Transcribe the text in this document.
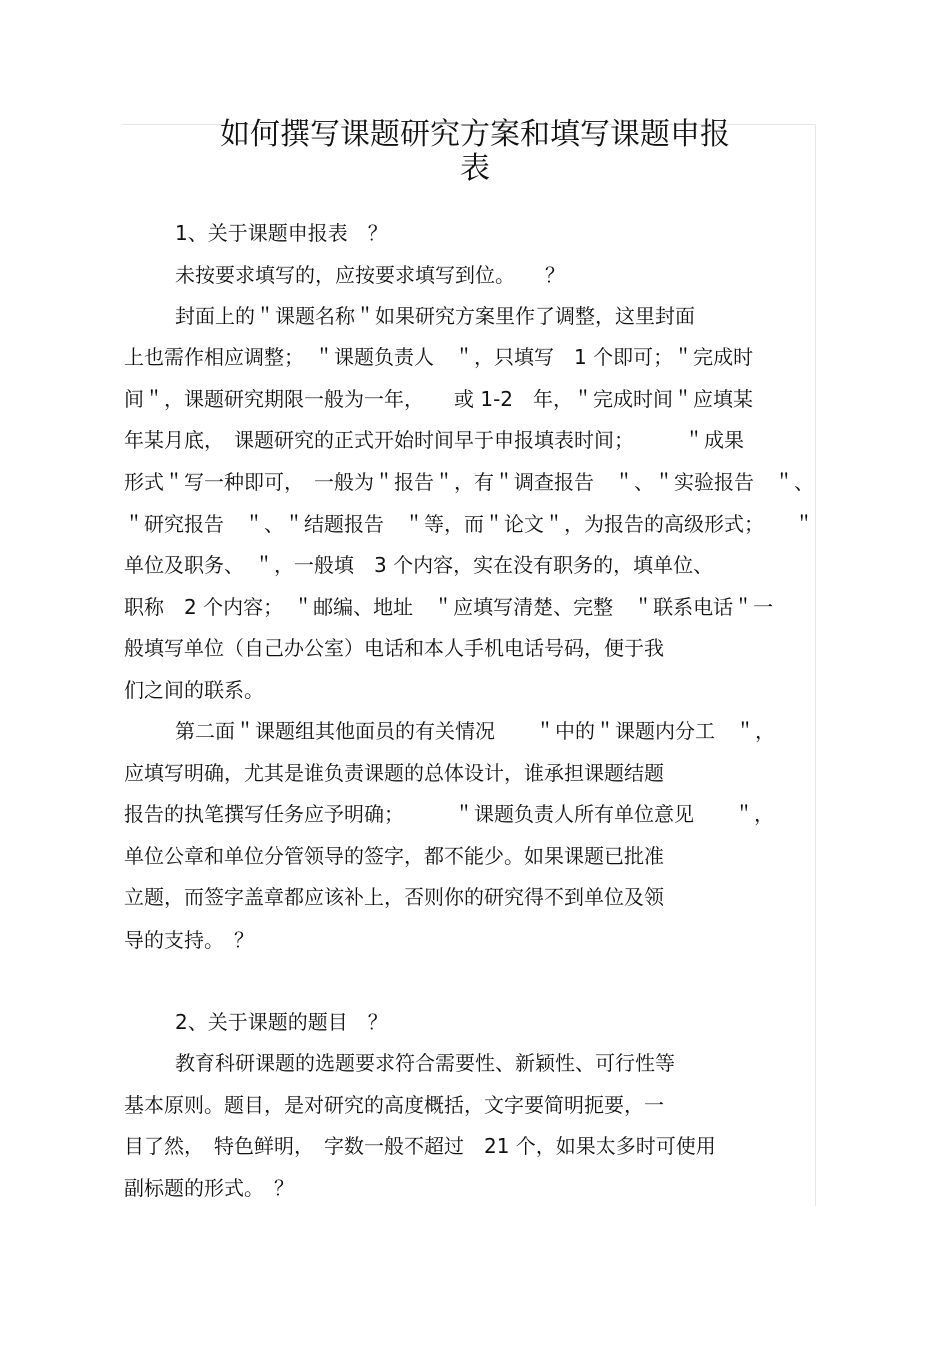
如何撰写课题研究方案和填写课题申报
表
1、关于课题申报表　？
未按要求填写的，应按要求填写到位。　　？
封面上的＂课题名称＂如果研究方案里作了调整，这里封面
上也需作相应调整；　＂课题负责人　＂，只填写　1 个即可；＂完成时
间＂，课题研究期限一般为一年，　　或 1-2　年，＂完成时间＂应填某
年某月底，　课题研究的正式开始时间早于申报填表时间；　　　＂成果
形式＂写一种即可，　一般为＂报告＂，有＂调查报告　＂、＂实验报告　＂、
＂研究报告　＂、＂结题报告　＂等，而＂论文＂，为报告的高级形式；　　＂
单位及职务、　＂，一般填　3 个内容，实在没有职务的，填单位、
职称　2 个内容；　＂邮编、地址　＂应填写清楚、完整　＂联系电话＂一
般填写单位（自己办公室）电话和本人手机电话号码，便于我
们之间的联系。
第二面＂课题组其他面员的有关情况　　＂中的＂课题内分工　＂，
应填写明确，尤其是谁负责课题的总体设计，谁承担课题结题
报告的执笔撰写任务应予明确；　　　＂课题负责人所有单位意见　　＂，
单位公章和单位分管领导的签字，都不能少。如果课题已批准
立题，而签字盖章都应该补上，否则你的研究得不到单位及领
导的支持。　？
2、关于课题的题目　？
教育科研课题的选题要求符合需要性、新颖性、可行性等
基本原则。题目，是对研究的高度概括，文字要简明扼要，一
目了然，　特色鲜明，　字数一般不超过　21 个，如果太多时可使用
副标题的形式。　？
